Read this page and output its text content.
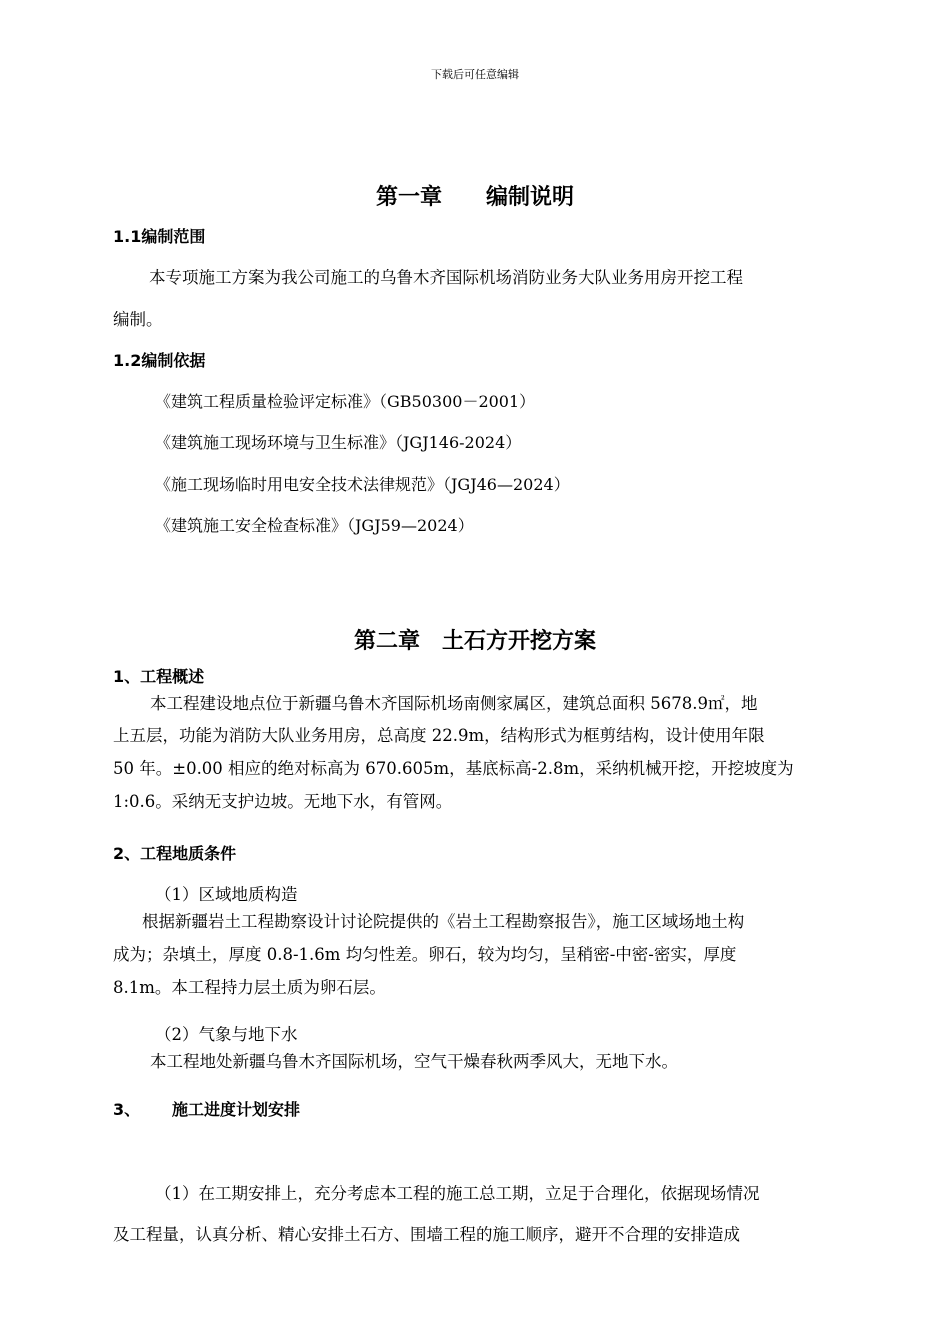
下载后可任意编辑
第一章 编制说明
1.1编制范围
本专项施工方案为我公司施工的乌鲁木齐国际机场消防业务大队业务用房开挖工程
编制。
1.2编制依据
《建筑工程质量检验评定标准》（GB50300－2001）
《建筑施工现场环境与卫生标准》（JGJ146-2024）
《施工现场临时用电安全技术法律规范》（JGJ46—2024）
《建筑施工安全检查标准》（JGJ59—2024）
第二章 土石方开挖方案
1、工程概述
本工程建设地点位于新疆乌鲁木齐国际机场南侧家属区，建筑总面积 5678.9㎡，地
上五层，功能为消防大队业务用房，总高度 22.9m，结构形式为框剪结构，设计使用年限
50 年。±0.00 相应的绝对标高为 670.605m，基底标高-2.8m，采纳机械开挖，开挖坡度为
1:0.6。采纳无支护边坡。无地下水，有管网。
2、工程地质条件
（1）区域地质构造
根据新疆岩土工程勘察设计讨论院提供的《岩土工程勘察报告》，施工区域场地土构
成为；杂填土，厚度 0.8-1.6m 均匀性差。卵石，较为均匀，呈稍密-中密-密实，厚度
8.1m。本工程持力层土质为卵石层。
（2）气象与地下水
本工程地处新疆乌鲁木齐国际机场，空气干燥春秋两季风大，无地下水。
3、 施工进度计划安排
（1）在工期安排上，充分考虑本工程的施工总工期，立足于合理化，依据现场情况
及工程量，认真分析、精心安排土石方、围墙工程的施工顺序，避开不合理的安排造成
